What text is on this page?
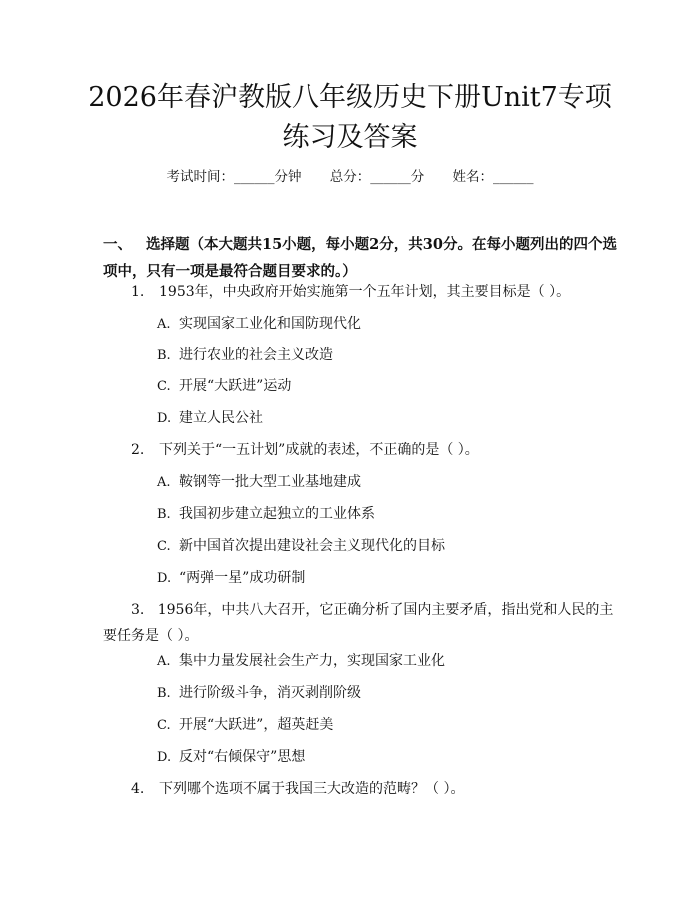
2026年春沪教版八年级历史下册Unit7专项
练习及答案
考试时间：______分钟 总分：______分 姓名：______
一、 选择题（本大题共15小题，每小题2分，共30分。在每小题列出的四个选项中，只有一项是最符合题目要求的。）
1. 1953年，中央政府开始实施第一个五年计划，其主要目标是（ ）。
A. 实现国家工业化和国防现代化
B. 进行农业的社会主义改造
C. 开展“大跃进”运动
D. 建立人民公社
2. 下列关于“一五计划”成就的表述，不正确的是（ ）。
A. 鞍钢等一批大型工业基地建成
B. 我国初步建立起独立的工业体系
C. 新中国首次提出建设社会主义现代化的目标
D. “两弹一星”成功研制
3. 1956年，中共八大召开，它正确分析了国内主要矛盾，指出党和人民的主要任务是（ ）。
A. 集中力量发展社会生产力，实现国家工业化
B. 进行阶级斗争，消灭剥削阶级
C. 开展“大跃进”，超英赶美
D. 反对“右倾保守”思想
4. 下列哪个选项不属于我国三大改造的范畴？（ ）。
